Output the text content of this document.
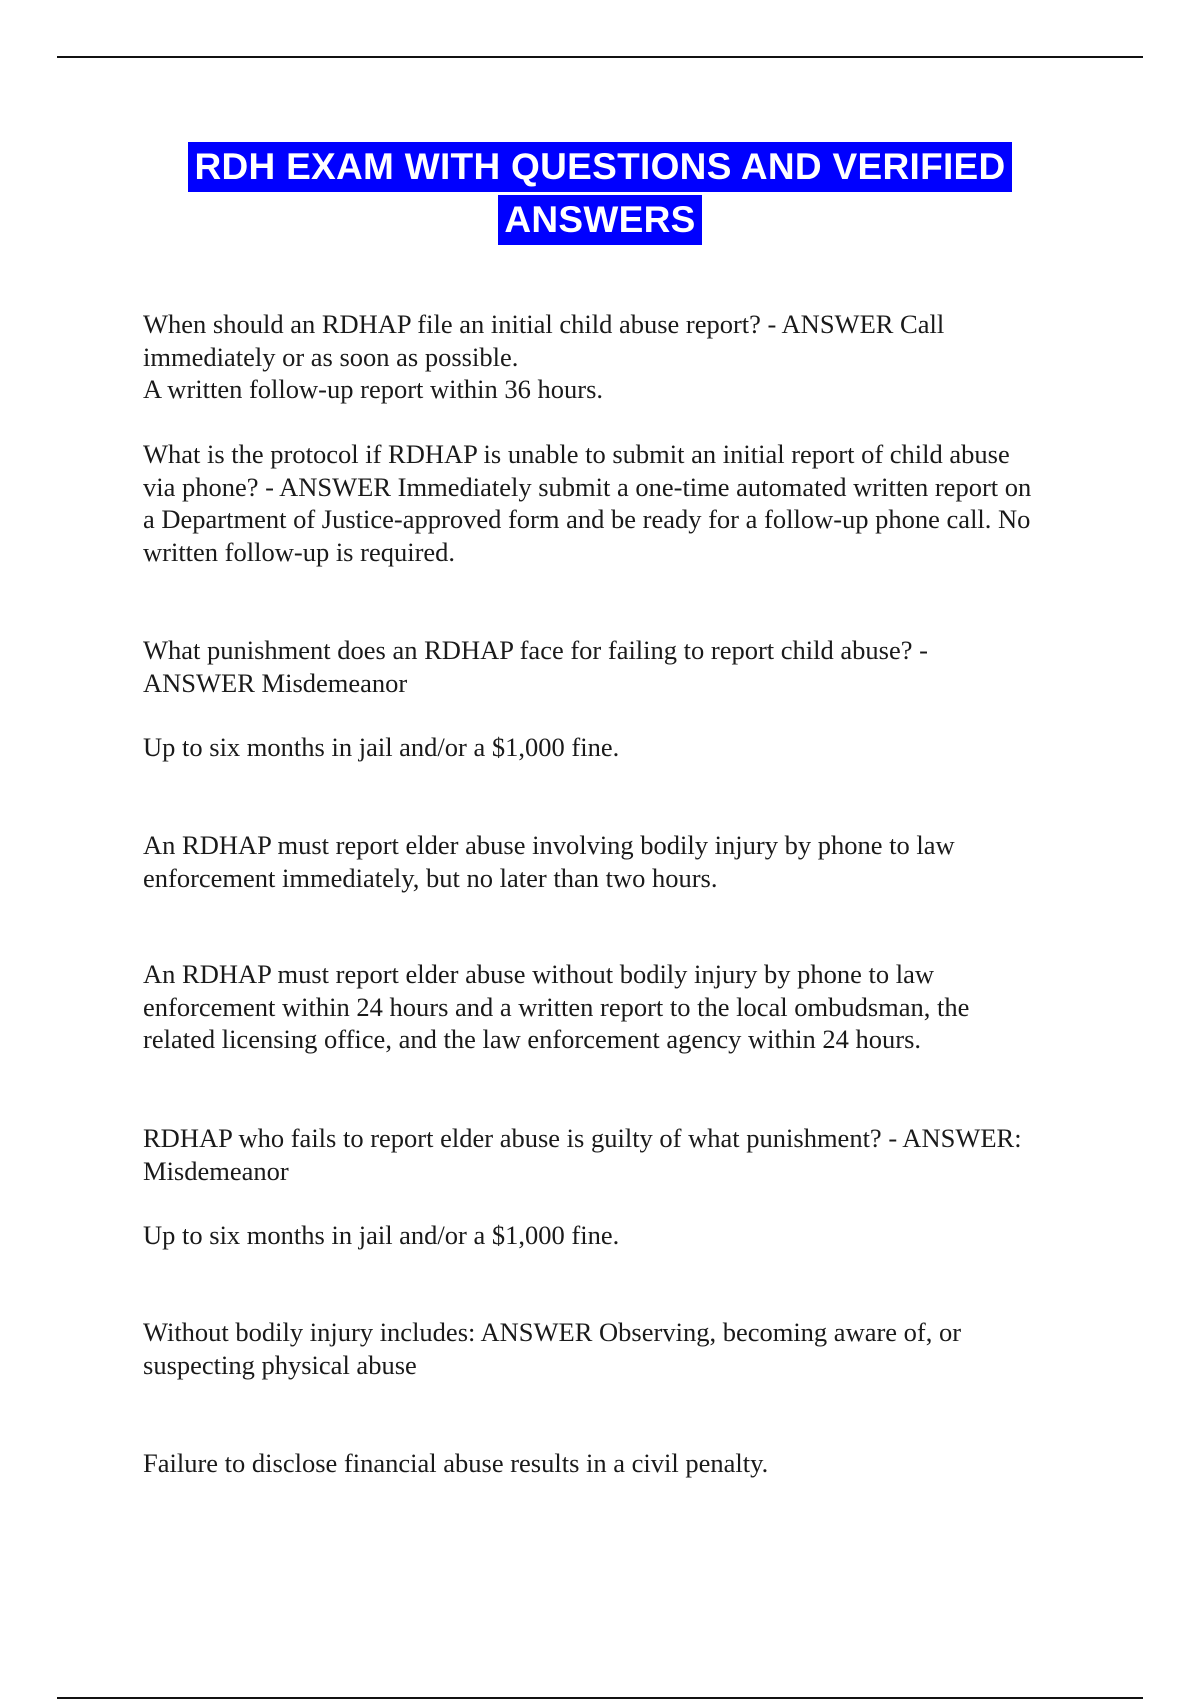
RDH EXAM WITH QUESTIONS AND VERIFIED
ANSWERS

When should an RDHAP file an initial child abuse report? - ANSWER Call
immediately or as soon as possible.
A written follow-up report within 36 hours.

What is the protocol if RDHAP is unable to submit an initial report of child abuse
via phone? - ANSWER Immediately submit a one-time automated written report on
a Department of Justice-approved form and be ready for a follow-up phone call. No
written follow-up is required.

What punishment does an RDHAP face for failing to report child abuse? -
ANSWER Misdemeanor

Up to six months in jail and/or a $1,000 fine.

An RDHAP must report elder abuse involving bodily injury by phone to law
enforcement immediately, but no later than two hours.

An RDHAP must report elder abuse without bodily injury by phone to law
enforcement within 24 hours and a written report to the local ombudsman, the
related licensing office, and the law enforcement agency within 24 hours.

RDHAP who fails to report elder abuse is guilty of what punishment? - ANSWER:
Misdemeanor

Up to six months in jail and/or a $1,000 fine.

Without bodily injury includes: ANSWER Observing, becoming aware of, or
suspecting physical abuse

Failure to disclose financial abuse results in a civil penalty.
